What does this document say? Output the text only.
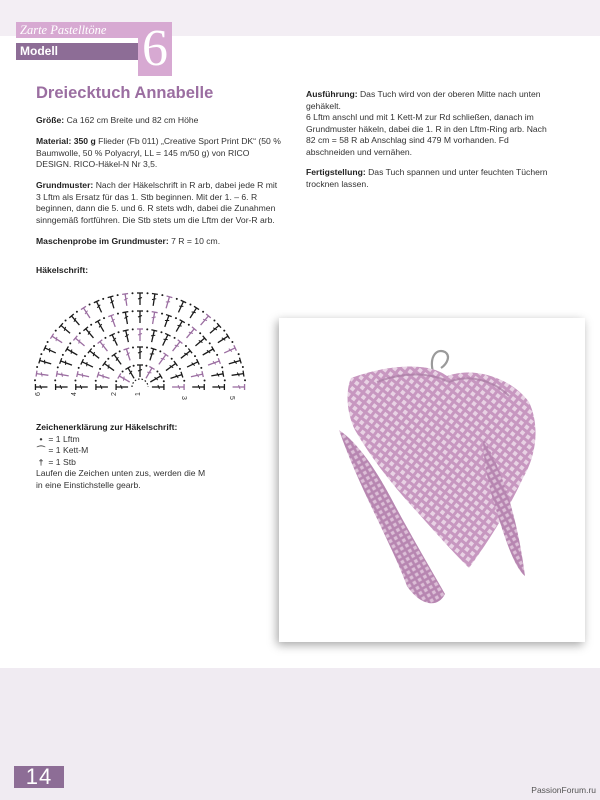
Zarte Pastelltöne
Modell	6
Dreiecktuch Annabelle
Größe: Ca 162 cm Breite und 82 cm Höhe
Material: 350 g Flieder (Fb 011) „Creative Sport Print DK“ (50 % Baumwolle, 50 % Polyacryl, LL = 145 m/50 g) von RICO DESIGN. RICO-Häkel-N Nr 3,5.
Grundmuster: Nach der Häkelschrift in R arb, dabei jede R mit 3 Lftm als Ersatz für das 1. Stb beginnen. Mit der 1. – 6. R beginnen, dann die 5. und 6. R stets wdh, dabei die Zunahmen sinngemäß fortführen. Die Stb stets um die Lftm der Vor-R arb.
Maschenprobe im Grundmuster: 7 R = 10 cm.
Häkelschrift:
6	4	2 1
3	5
Zeichenerklärung zur Häkelschrift:
• = 1 Lftm
⌒ = 1 Kett-M
† = 1 Stb
Laufen die Zeichen unten zus, werden die M in eine Einstichstelle gearb.
Ausführung: Das Tuch wird von der oberen Mitte nach unten gehäkelt.
6 Lftm anschl und mit 1 Kett-M zur Rd schließen, danach im Grundmuster häkeln, dabei die 1. R in den Lftm-Ring arb. Nach 82 cm = 58 R ab Anschlag sind 479 M vorhanden. Fd abschneiden und vernähen.
Fertigstellung: Das Tuch spannen und unter feuchten Tüchern trocknen lassen.
14
PassionForum.ru
